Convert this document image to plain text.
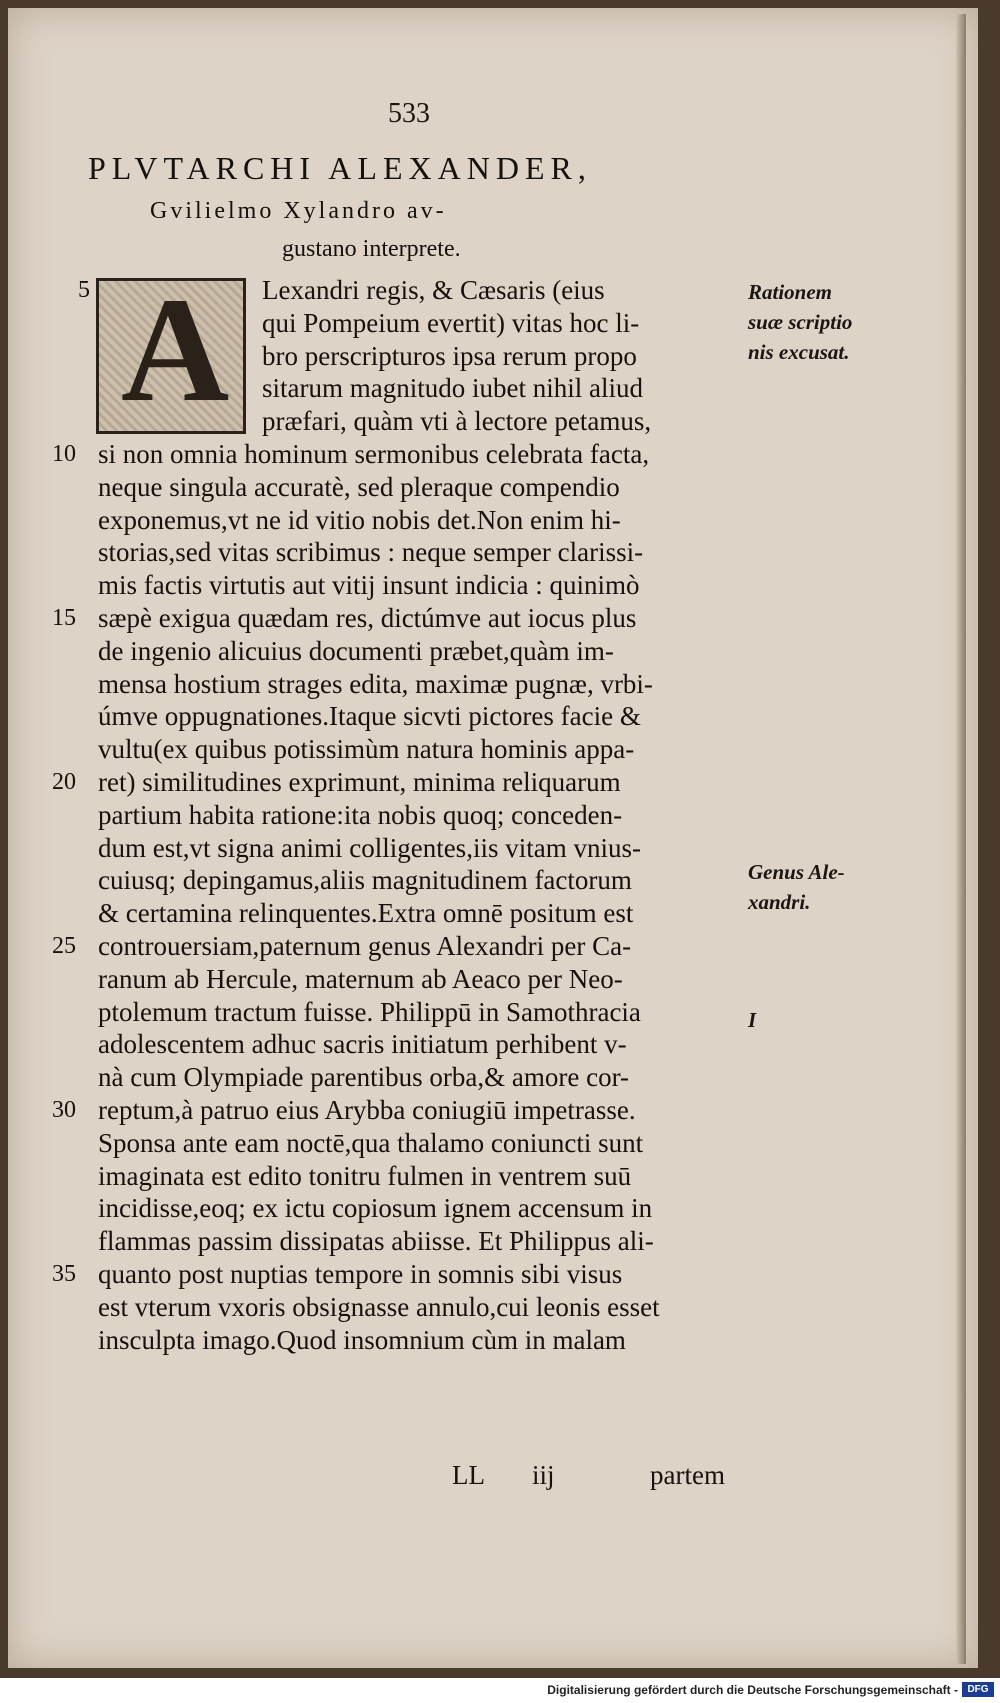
533
PLVTARCHI ALEXANDER,
Gvilielmo Xylandro av-
gustano interprete.
A Lexandri regis, & Cæsaris (eius
qui Pompeium evertit) vitas hoc li-
bro perscripturos ipsa rerum propo
sitarum magnitudo iubet nihil aliud
præfari, quàm vti à lectore petamus,
si non omnia hominum sermonibus celebrata facta,
neque singula accuratè, sed pleraque compendio
exponemus,vt ne id vitio nobis det.Non enim hi-
storias,sed vitas scribimus : neque semper clarissi-
mis factis virtutis aut vitij insunt indicia : quinimò
sæpè exigua quædam res, dictúmve aut iocus plus
de ingenio alicuius documenti præbet,quàm im-
mensa hostium strages edita, maximæ pugnæ, vrbi-
úmve oppugnationes.Itaque sicvti pictores facie &
vultu(ex quibus potissimùm natura hominis appa-
ret) similitudines exprimunt, minima reliquarum
partium habita ratione:ita nobis quoq; conceden-
dum est,vt signa animi colligentes,iis vitam vnius-
cuiusq; depingamus,aliis magnitudinem factorum
& certamina relinquentes.Extra omnē positum est
controuersiam,paternum genus Alexandri per Ca-
ranum ab Hercule, maternum ab Aeaco per Neo-
ptolemum tractum fuisse. Philippū in Samothracia
adolescentem adhuc sacris initiatum perhibent v-
nà cum Olympiade parentibus orba,& amore cor-
reptum,à patruo eius Arybba coniugiū impetrasse.
Sponsa ante eam noctē,qua thalamo coniuncti sunt
imaginata est edito tonitru fulmen in ventrem suū
incidisse,eoq; ex ictu copiosum ignem accensum in
flammas passim dissipatas abiisse. Et Philippus ali-
quanto post nuptias tempore in somnis sibi visus
est vterum vxoris obsignasse annulo,cui leonis esset
insculpta imago.Quod insomnium cùm in malam
5
10
15
20
25
30
35
Rationem
suæ scriptio
nis excusat.
Genus Ale-
xandri.
I
LL iij	partem
Digitalisierung gefördert durch die Deutsche Forschungsgemeinschaft - DFG
